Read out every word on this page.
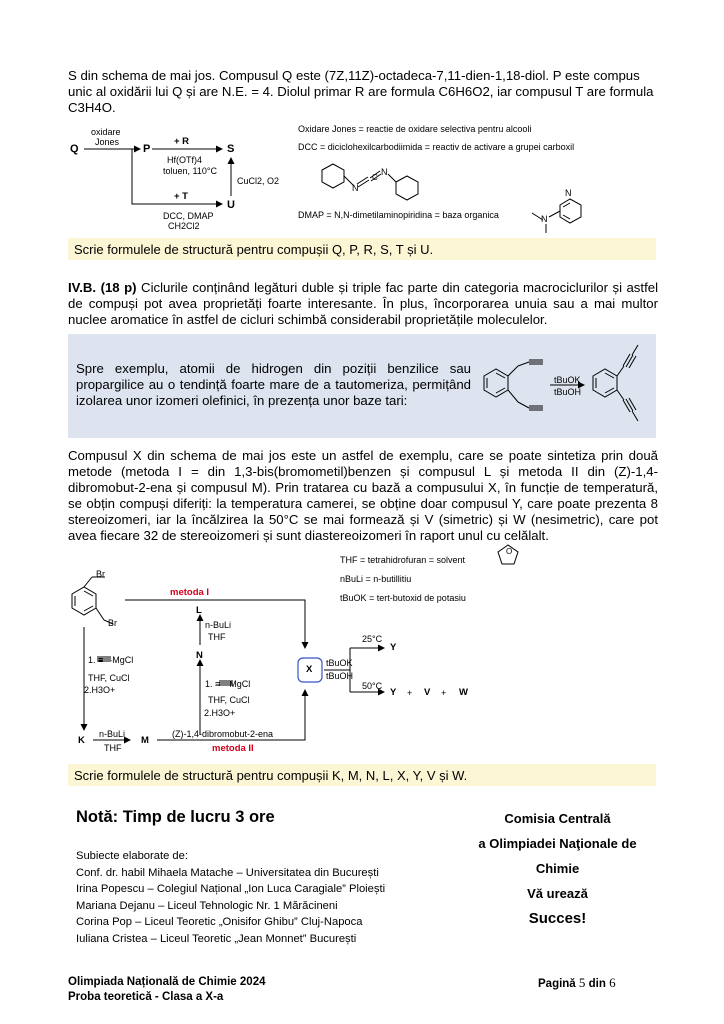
S din schema de mai jos. Compusul Q este (7Z,11Z)-octadeca-7,11-dien-1,18-diol. P este compus
unic al oxidării lui Q și are N.E. = 4. Diolul primar R are formula C6H6O2, iar compusul T are formula
C3H4O.

N
N
C
N
N
Q	P	S
U
oxidare
Jones	+ R
Hf(OTf)4
toluen, 110°C
CuCl2, O2
+ T
DCC, DMAP
CH2Cl2
Oxidare Jones = reactie de oxidare selectiva pentru alcooli
DCC = diciclohexilcarbodiimida = reactiv de activare a grupei carboxil
DMAP = N,N-dimetilaminopiridina = baza organica
Scrie formulele de structură pentru compușii Q, P, R, S, T și U.

IV.B. (18 p) Ciclurile conținând legături duble și triple fac parte din categoria macrociclurilor și astfel de compuși pot avea proprietăți foarte interesante. În plus, încorporarea unuia sau a mai multor nuclee aromatice în astfel de cicluri schimbă considerabil proprietățile moleculelor.

Spre exemplu, atomii de hidrogen din poziții benzilice sau propargilice au o tendință foarte mare de a tautomeriza, permițând izolarea unor izomeri olefinici, în prezența unor baze tari:
tBuOK
tBuOH

Compusul X din schema de mai jos este un astfel de exemplu, care se poate sintetiza prin două metode (metoda I = din 1,3-bis(bromometil)benzen și compusul L și metoda II din (Z)-1,4-dibromobut-2-ena și compusul M). Prin tratarea cu bază a compusului X, în funcție de temperatură, se obțin compuși diferiți: la temperatura camerei, se obține doar compusul Y, care poate prezenta 8 stereoizomeri, iar la încălzirea la 50°C se mai formează și V (simetric) și W (nesimetric), care pot avea fiecare 32 de stereoizomeri și sunt diastereoizomeri în raport unul cu celălalt.

O
Br
Br
THF = tetrahidrofuran = solvent
nBuLi = n-butillitiu
tBuOK = tert-butoxid de potasiu
metoda I
L
n-BuLi
THF
N
1. ≡—MgCl
THF, CuCl
2.H3O+
1. ≡—MgCl
THF, CuCl
2.H3O+
K
n-BuLi
THF
M
(Z)-1,4-dibromobut-2-ena
metoda II
X
tBuOK
tBuOH
25°C
50°C
Y
Y + V + W
Scrie formulele de structură pentru compușii K, M, N, L, X, Y, V și W.
Notă: Timp de lucru 3 ore
Subiecte elaborate de:
Conf. dr. habil Mihaela Matache – Universitatea din București
Irina Popescu – Colegiul Național „Ion Luca Caragiale” Ploiești
Mariana Dejanu – Liceul Tehnologic Nr. 1 Mărăcineni
Corina Pop – Liceul Teoretic „Onisifor Ghibu” Cluj-Napoca
Iuliana Cristea – Liceul Teoretic „Jean Monnet” București
Comisia Centrală
a Olimpiadei Naţionale de
Chimie
Vă urează
Succes!
Olimpiada Națională de Chimie 2024
Proba teoretică - Clasa a X-a
Pagină 5 din 6
